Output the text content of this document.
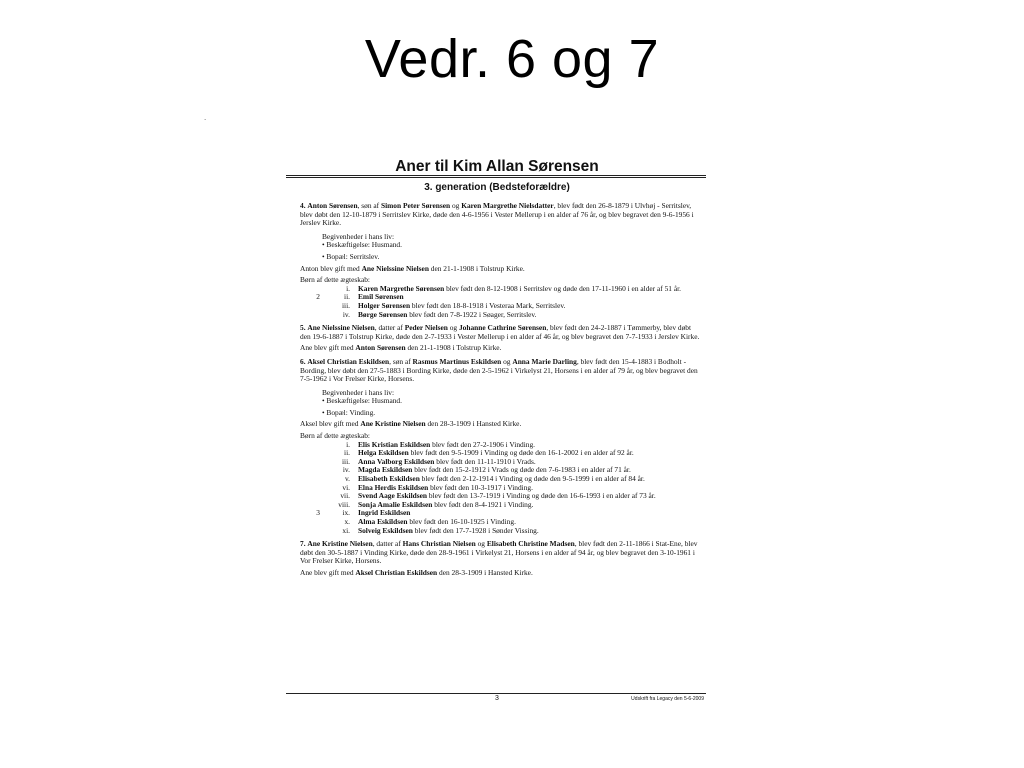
Vedr. 6 og 7
.
Aner til Kim Allan Sørensen
3. generation (Bedsteforældre)

4. Anton Sørensen, søn af Simon Peter Sørensen og Karen Margrethe Nielsdatter, blev født den 26-8-1879 i Ulvhøj - Serritslev, blev døbt den 12-10-1879 i Serritslev Kirke, døde den 4-6-1956 i Vester Mellerup i en alder af 76 år, og blev begravet den 9-6-1956 i Jerslev Kirke.

Begivenheder i hans liv:
• Beskæftigelse: Husmand.
• Bopæl: Serritslev.

Anton blev gift med Ane Nielssine Nielsen den 21-1-1908 i Tolstrup Kirke.

Børn af dette ægteskab:
i.	Karen Margrethe Sørensen blev født den 8-12-1908 i Serritslev og døde den 17-11-1960 i en alder af 51 år.
2	ii.	Emil Sørensen
iii.	Holger Sørensen blev født den 18-8-1918 i Vesteraa Mark, Serritslev.
iv.	Børge Sørensen blev født den 7-8-1922 i Søager, Serritslev.

5. Ane Nielssine Nielsen, datter af Peder Nielsen og Johanne Cathrine Sørensen, blev født den 24-2-1887 i Tømmerby, blev døbt den 19-6-1887 i Tolstrup Kirke, døde den 2-7-1933 i Vester Mellerup i en alder af 46 år, og blev begravet den 7-7-1933 i Jerslev Kirke.

Ane blev gift med Anton Sørensen den 21-1-1908 i Tolstrup Kirke.

6. Aksel Christian Eskildsen, søn af Rasmus Martinus Eskildsen og Anna Marie Darling, blev født den 15-4-1883 i Bodholt - Bording, blev døbt den 27-5-1883 i Bording Kirke, døde den 2-5-1962 i Virkelyst 21, Horsens i en alder af 79 år, og blev begravet den 7-5-1962 i Vor Frelser Kirke, Horsens.

Begivenheder i hans liv:
• Beskæftigelse: Husmand.
• Bopæl: Vinding.

Aksel blev gift med Ane Kristine Nielsen den 28-3-1909 i Hansted Kirke.

Børn af dette ægteskab:
i.	Elis Kristian Eskildsen blev født den 27-2-1906 i Vinding.
ii.	Helga Eskildsen blev født den 9-5-1909 i Vinding og døde den 16-1-2002 i en alder af 92 år.
iii.	Anna Valborg Eskildsen blev født den 11-11-1910 i Vrads.
iv.	Magda Eskildsen blev født den 15-2-1912 i Vrads og døde den 7-6-1983 i en alder af 71 år.
v.	Elisabeth Eskildsen blev født den 2-12-1914 i Vinding og døde den 9-5-1999 i en alder af 84 år.
vi.	Elna Herdis Eskildsen blev født den 10-3-1917 i Vinding.
vii.	Svend Aage Eskildsen blev født den 13-7-1919 i Vinding og døde den 16-6-1993 i en alder af 73 år.
viii.	Sonja Amalie Eskildsen blev født den 8-4-1921 i Vinding.
3	ix.	Ingrid Eskildsen
x.	Alma Eskildsen blev født den 16-10-1925 i Vinding.
xi.	Solveig Eskildsen blev født den 17-7-1928 i Sønder Vissing.

7. Ane Kristine Nielsen, datter af Hans Christian Nielsen og Elisabeth Christine Madsen, blev født den 2-11-1866 i Stat-Ene, blev døbt den 30-5-1887 i Vinding Kirke, døde den 28-9-1961 i Virkelyst 21, Horsens i en alder af 94 år, og blev begravet den 3-10-1961 i Vor Frelser Kirke, Horsens.

Ane blev gift med Aksel Christian Eskildsen den 28-3-1909 i Hansted Kirke.

3	Udskrift fra Legacy den 5-6-2009
